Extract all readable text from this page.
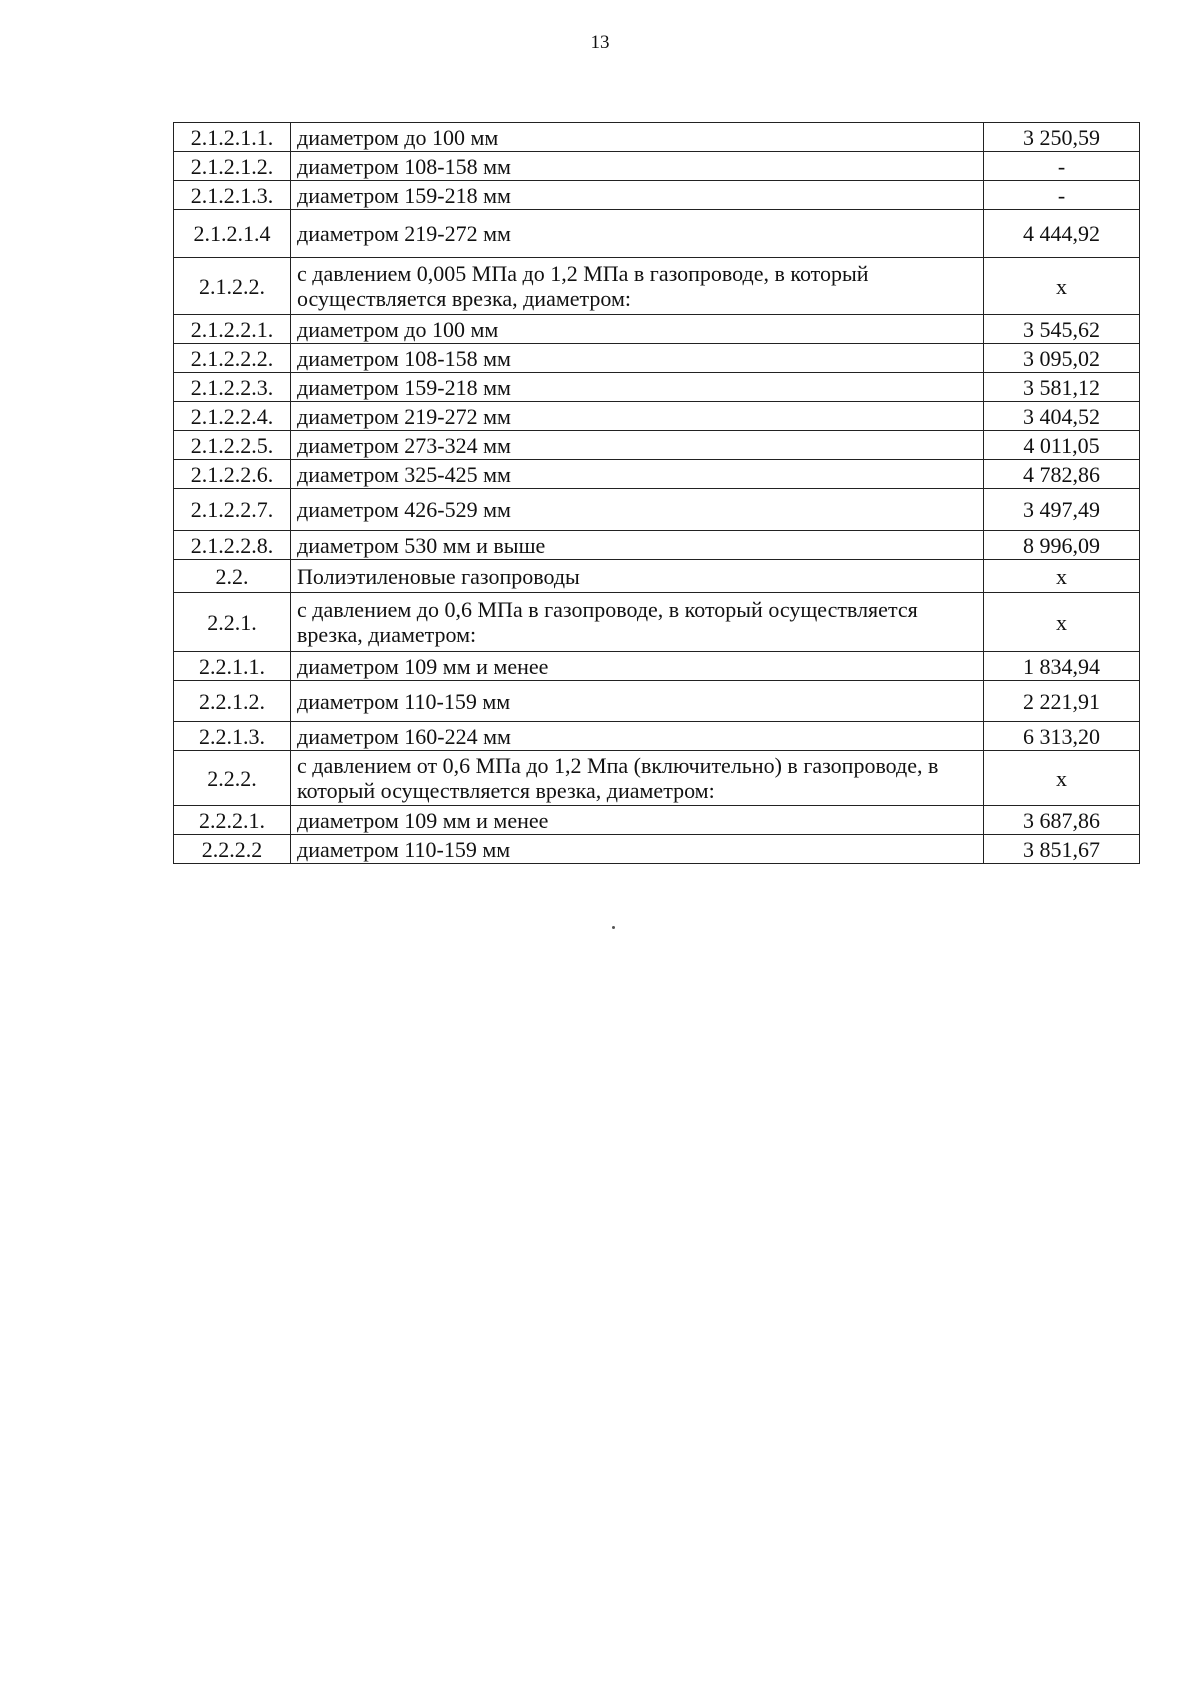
13
2.1.2.1.1.	диаметром до 100 мм	3 250,59
2.1.2.1.2.	диаметром 108-158 мм	-
2.1.2.1.3.	диаметром 159-218 мм	-
2.1.2.1.4	диаметром 219-272 мм	4 444,92
2.1.2.2.	с давлением 0,005 МПа до 1,2 МПа в газопроводе, в который осуществляется врезка, диаметром:	x
2.1.2.2.1.	диаметром до 100 мм	3 545,62
2.1.2.2.2.	диаметром 108-158 мм	3 095,02
2.1.2.2.3.	диаметром 159-218 мм	3 581,12
2.1.2.2.4.	диаметром 219-272 мм	3 404,52
2.1.2.2.5.	диаметром 273-324 мм	4 011,05
2.1.2.2.6.	диаметром 325-425 мм	4 782,86
2.1.2.2.7.	диаметром 426-529 мм	3 497,49
2.1.2.2.8.	диаметром 530 мм и выше	8 996,09
2.2.	Полиэтиленовые газопроводы	x
2.2.1.	с давлением до 0,6 МПа в газопроводе, в который осуществляется врезка, диаметром:	x
2.2.1.1.	диаметром 109 мм и менее	1 834,94
2.2.1.2.	диаметром 110-159 мм	2 221,91
2.2.1.3.	диаметром 160-224 мм	6 313,20
2.2.2.	с давлением от 0,6 МПа до 1,2 Мпа (включительно) в газопроводе, в который осуществляется врезка, диаметром:	x
2.2.2.1.	диаметром 109 мм и менее	3 687,86
2.2.2.2	диаметром 110-159 мм	3 851,67
